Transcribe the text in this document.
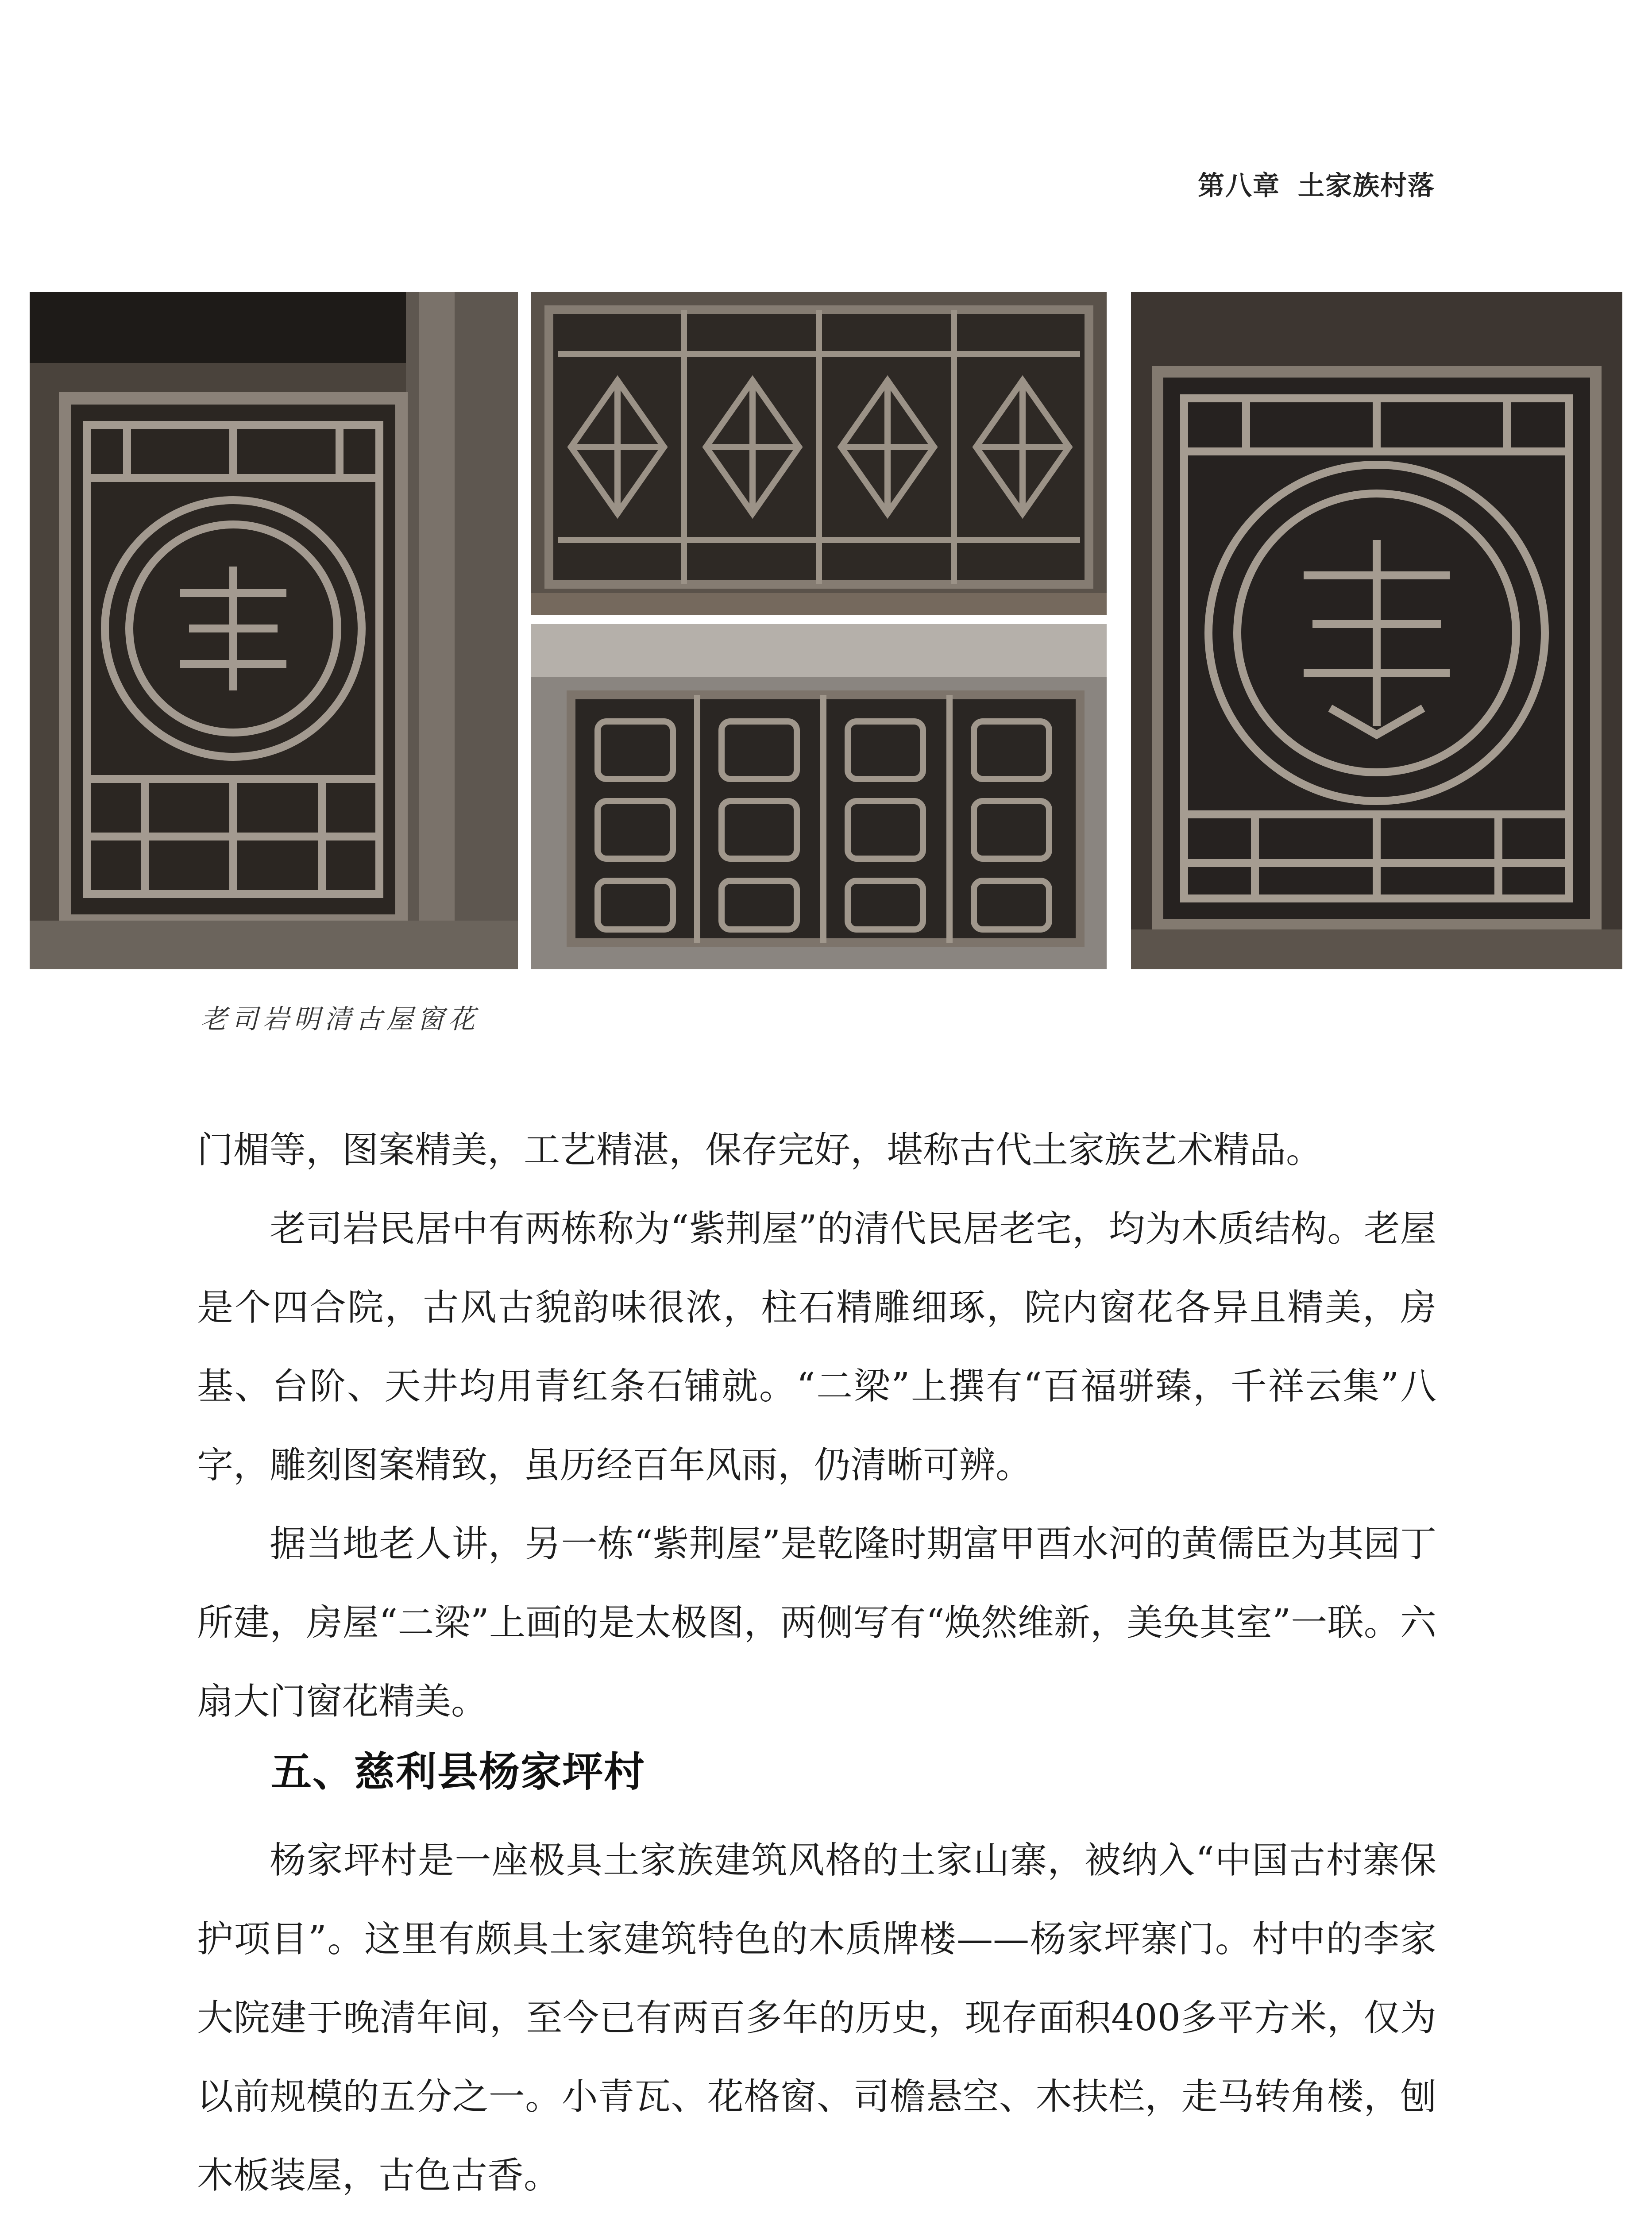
第八章 土家族村落
老司岩明清古屋窗花

门楣等，图案精美，工艺精湛，保存完好，堪称古代土家族艺术精品。

老司岩民居中有两栋称为“紫荆屋”的清代民居老宅，均为木质结构。老屋是个四合院，古风古貌韵味很浓，柱石精雕细琢，院内窗花各异且精美，房基、台阶、天井均用青红条石铺就。“二梁”上撰有“百福骈臻，千祥云集”八字，雕刻图案精致，虽历经百年风雨，仍清晰可辨。

据当地老人讲，另一栋“紫荆屋”是乾隆时期富甲酉水河的黄儒臣为其园丁所建，房屋“二梁”上画的是太极图，两侧写有“焕然维新，美奂其室”一联。六扇大门窗花精美。

五、慈利县杨家坪村

杨家坪村是一座极具土家族建筑风格的土家山寨，被纳入“中国古村寨保护项目”。这里有颇具土家建筑特色的木质牌楼——杨家坪寨门。村中的李家大院建于晚清年间，至今已有两百多年的历史，现存面积400多平方米，仅为以前规模的五分之一。小青瓦、花格窗、司檐悬空、木扶栏，走马转角楼，刨木板装屋，古色古香。
